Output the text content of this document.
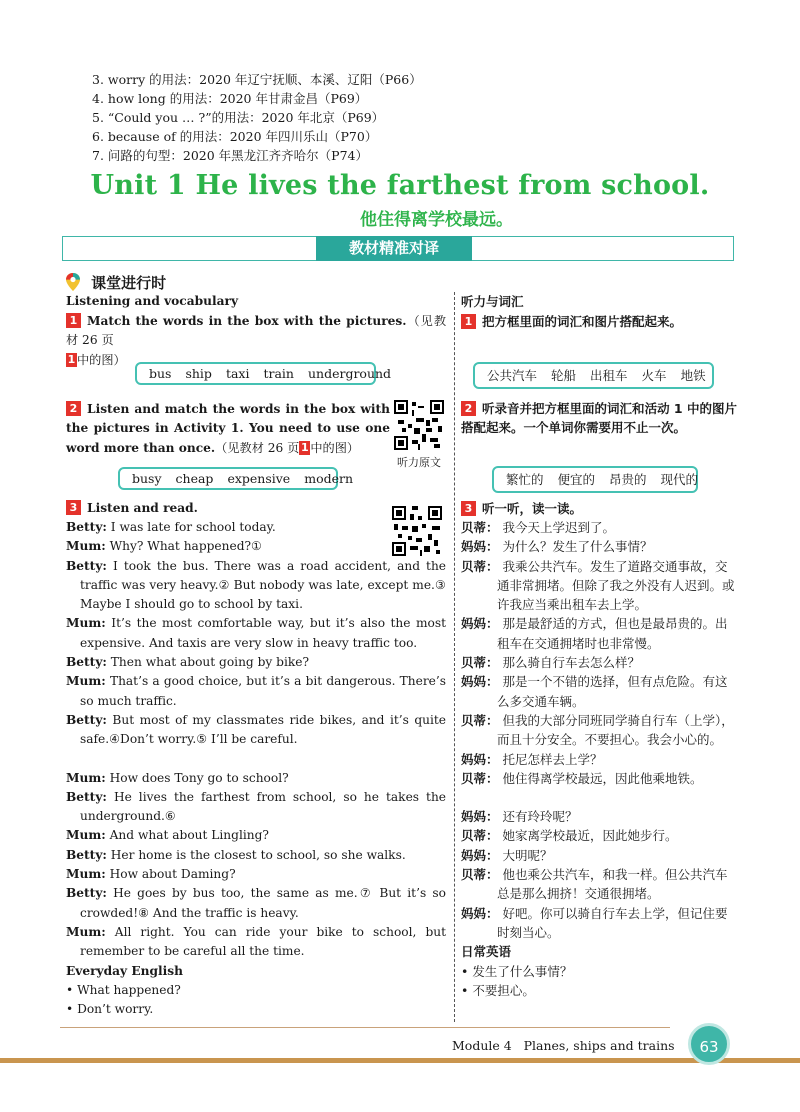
3. worry 的用法：2020 年辽宁抚顺、本溪、辽阳（P66）
4. how long 的用法：2020 年甘肃金昌（P69）
5. “Could you … ?”的用法：2020 年北京（P69）
6. because of 的用法：2020 年四川乐山（P70）
7. 问路的句型：2020 年黑龙江齐齐哈尔（P74）
Unit 1 He lives the farthest from school.
他住得离学校最远。
教材精准对译
课堂进行时
Listening and vocabulary
1 Match the words in the box with the pictures.（见教材 26 页
1 中的图）
bus ship taxi train underground
2 Listen and match the words in the box with the pictures in Activity 1. You need to use one word more than once.（见教材 26 页 1 中的图）
听力原文
busy cheap expensive modern
3 Listen and read.
Betty: I was late for school today.
Mum: Why? What happened?①
Betty: I took the bus. There was a road accident, and the traffic was very heavy.② But nobody was late, except me.③ Maybe I should go to school by taxi.
Mum: It’s the most comfortable way, but it’s also the most expensive. And taxis are very slow in heavy traffic too.
Betty: Then what about going by bike?
Mum: That’s a good choice, but it’s a bit dangerous. There’s so much traffic.
Betty: But most of my classmates ride bikes, and it’s quite safe.④Don’t worry.⑤ I’ll be careful.
Mum: How does Tony go to school?
Betty: He lives the farthest from school, so he takes the underground.⑥
Mum: And what about Lingling?
Betty: Her home is the closest to school, so she walks.
Mum: How about Daming?
Betty: He goes by bus too, the same as me.⑦ But it’s so crowded!⑧ And the traffic is heavy.
Mum: All right. You can ride your bike to school, but remember to be careful all the time.
Everyday English
• What happened?
• Don’t worry.
听力与词汇
1 把方框里面的词汇和图片搭配起来。
公共汽车 轮船 出租车 火车 地铁
2 听录音并把方框里面的词汇和活动 1 中的图片搭配起来。一个单词你需要用不止一次。
繁忙的 便宜的 昂贵的 现代的
3 听一听，读一读。
贝蒂： 我今天上学迟到了。
妈妈： 为什么？发生了什么事情？
贝蒂： 我乘公共汽车。发生了道路交通事故，交通非常拥堵。但除了我之外没有人迟到。或许我应当乘出租车去上学。
妈妈： 那是最舒适的方式，但也是最昂贵的。出租车在交通拥堵时也非常慢。
贝蒂： 那么骑自行车去怎么样？
妈妈： 那是一个不错的选择，但有点危险。有这么多交通车辆。
贝蒂： 但我的大部分同班同学骑自行车（上学），而且十分安全。不要担心。我会小心的。
妈妈： 托尼怎样去上学？
贝蒂： 他住得离学校最远，因此他乘地铁。
妈妈： 还有玲玲呢？
贝蒂： 她家离学校最近，因此她步行。
妈妈： 大明呢？
贝蒂： 他也乘公共汽车，和我一样。但公共汽车总是那么拥挤！交通很拥堵。
妈妈： 好吧。你可以骑自行车去上学，但记住要时刻当心。
日常英语
• 发生了什么事情？
• 不要担心。
Module 4 Planes, ships and trains	63
